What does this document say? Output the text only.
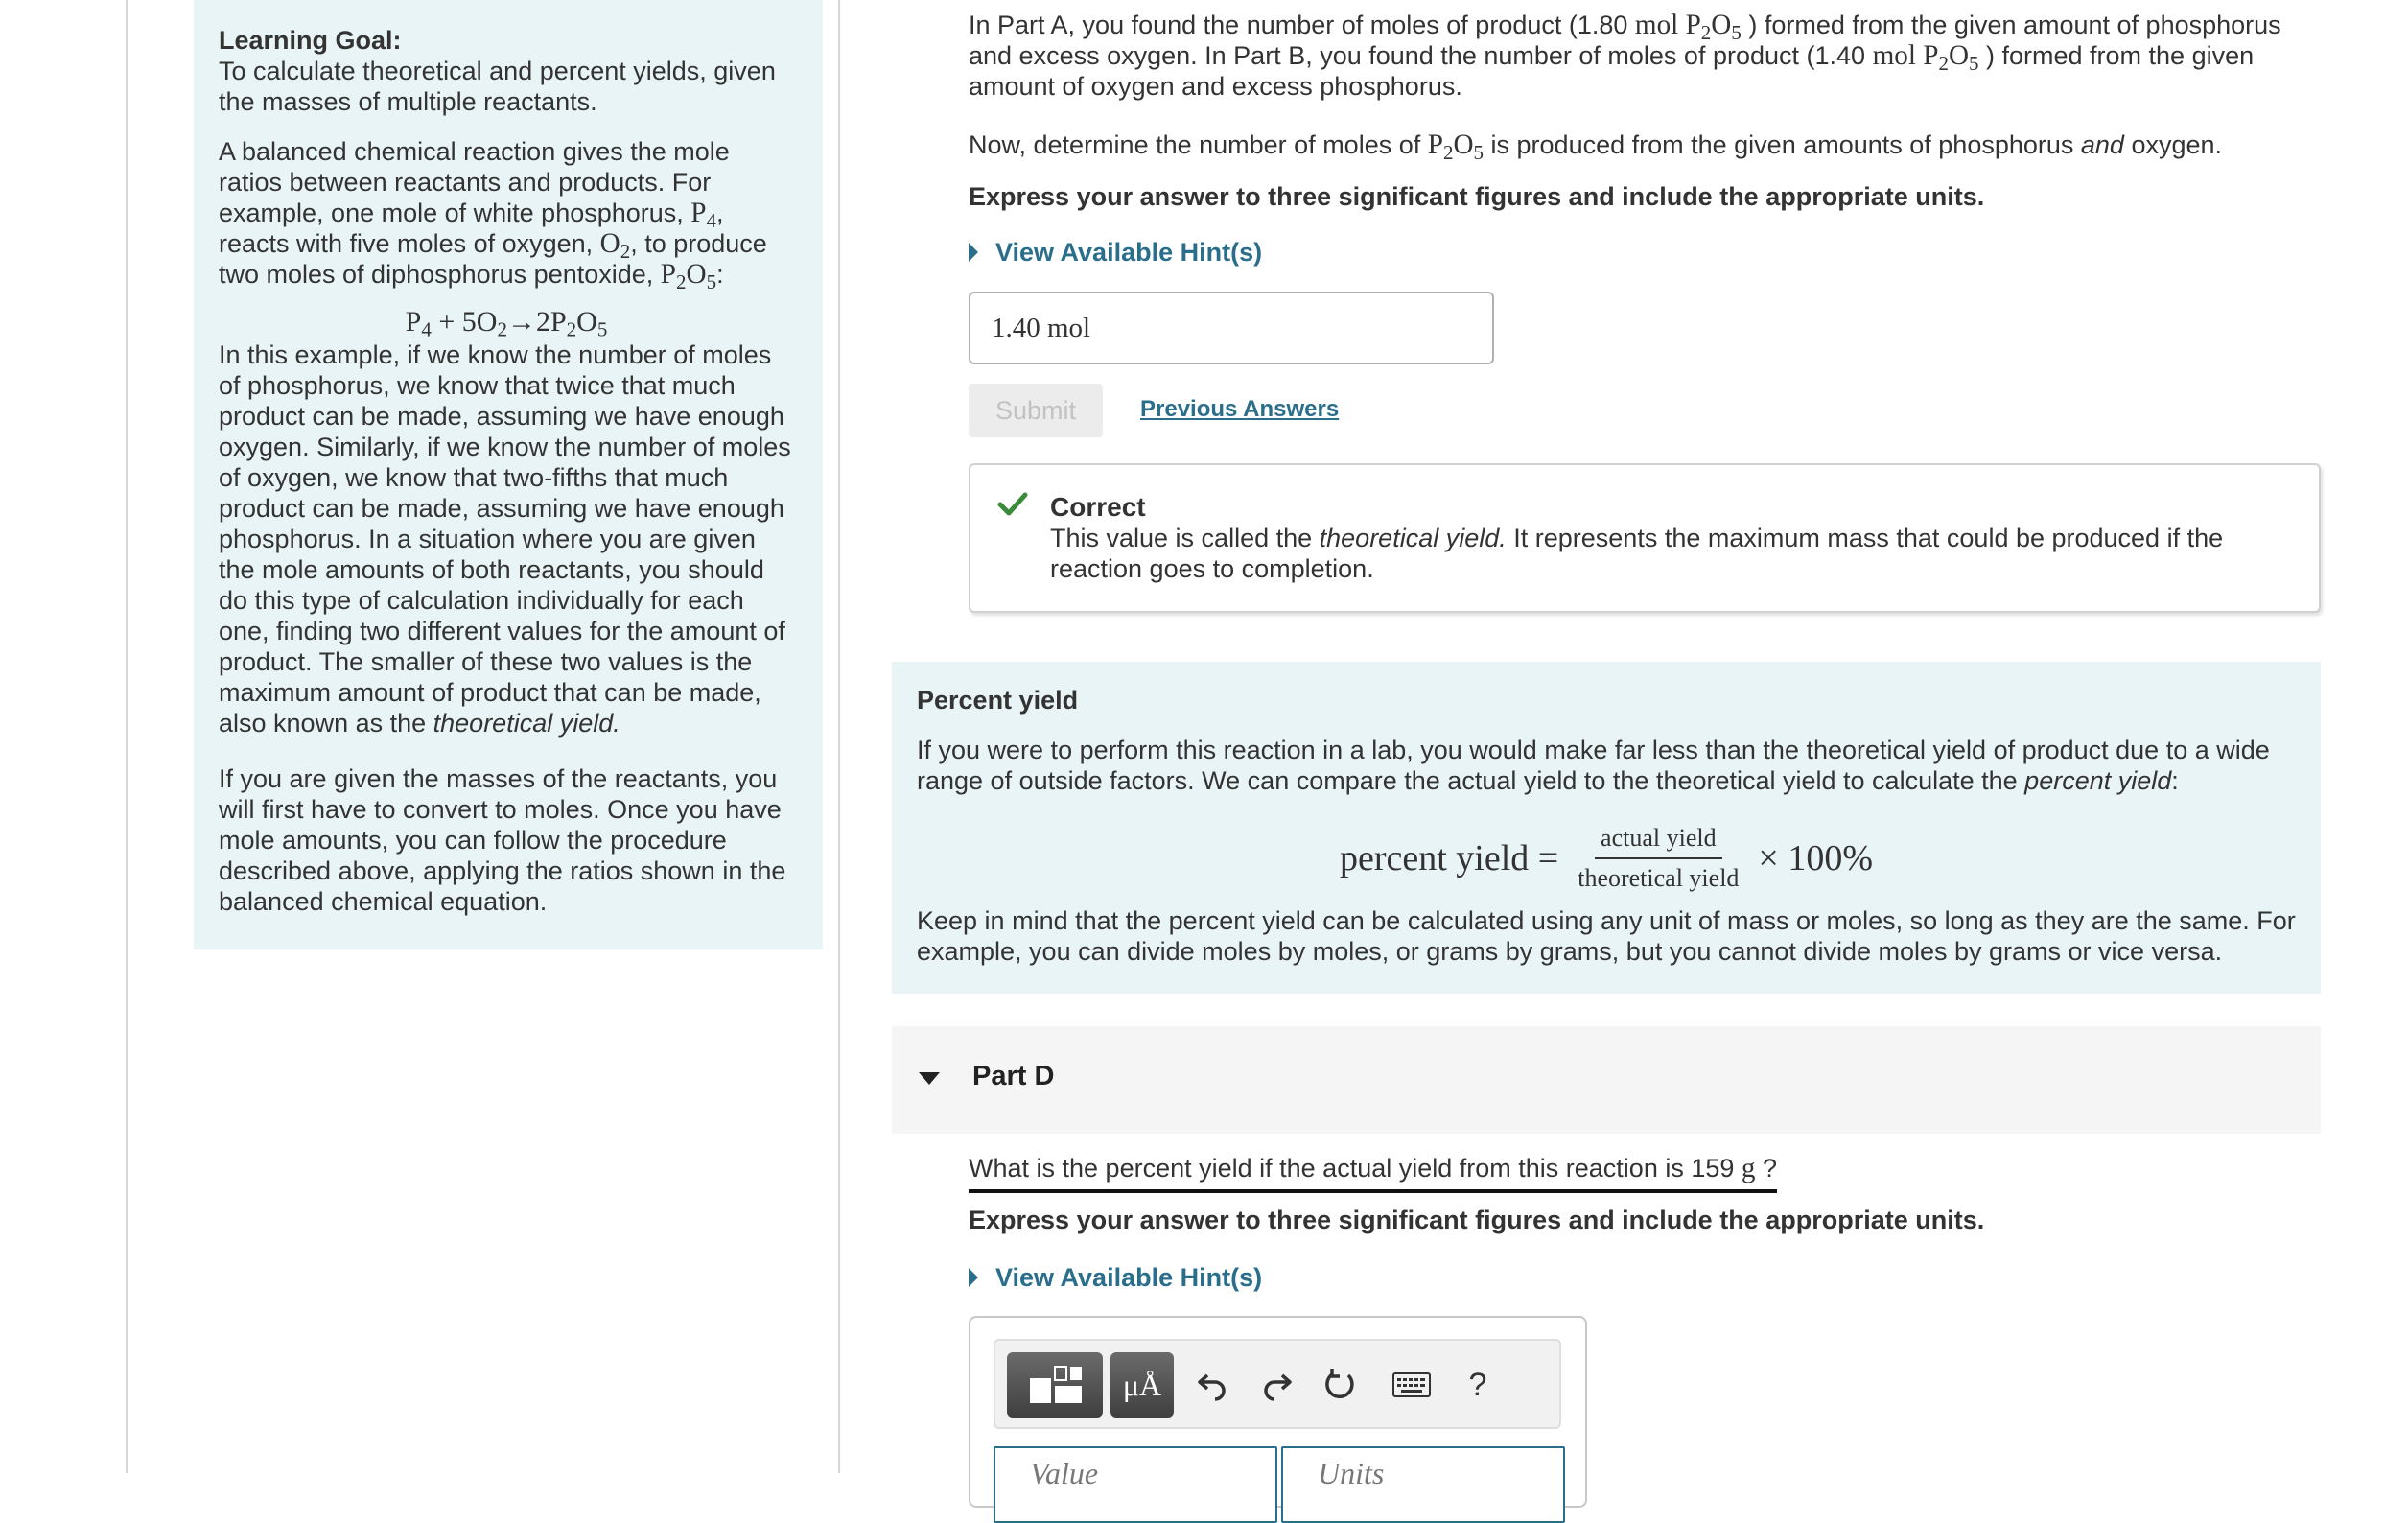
Learning Goal:
To calculate theoretical and percent yields, given the masses of multiple reactants.

A balanced chemical reaction gives the mole ratios between reactants and products. For example, one mole of white phosphorus, $P_4$, reacts with five moles of oxygen, $O_2$, to produce two moles of diphosphorus pentoxide, $P_2O_5$:

$P_4 + 5O_2\to 2P_2O_5$

In this example, if we know the number of moles of phosphorus, we know that twice that much product can be made, assuming we have enough oxygen. Similarly, if we know the number of moles of oxygen, we know that two-fifths that much product can be made, assuming we have enough phosphorus. In a situation where you are given the mole amounts of both reactants, you should do this type of calculation individually for each one, finding two different values for the amount of product. The smaller of these two values is the maximum amount of product that can be made, also known as the theoretical yield.

If you are given the masses of the reactants, you will first have to convert to moles. Once you have mole amounts, you can follow the procedure described above, applying the ratios shown in the balanced chemical equation.

In Part A, you found the number of moles of product (1.80 mol $P_2O_5$ ) formed from the given amount of phosphorus and excess oxygen. In Part B, you found the number of moles of product (1.40 mol $P_2O_5$ ) formed from the given amount of oxygen and excess phosphorus.
Now, determine the number of moles of $P_2O_5$ is produced from the given amounts of phosphorus and oxygen.
Express your answer to three significant figures and include the appropriate units.
View Available Hint(s)
1.40 mol
Submit	Previous Answers
Correct
This value is called the theoretical yield. It represents the maximum mass that could be produced if the reaction goes to completion.

Percent yield

If you were to perform this reaction in a lab, you would make far less than the theoretical yield of product due to a wide range of outside factors. We can compare the actual yield to the theoretical yield to calculate the percent yield:

percent yield = $\frac{\text{actual yield}}{\text{theoretical yield}} \times 100\%$

Keep in mind that the percent yield can be calculated using any unit of mass or moles, so long as they are the same. For example, you can divide moles by moles, or grams by grams, but you cannot divide moles by grams or vice versa.

Part D
What is the percent yield if the actual yield from this reaction is 159 g ?
Express your answer to three significant figures and include the appropriate units.
View Available Hint(s)
μÅ	?
Value	Units
